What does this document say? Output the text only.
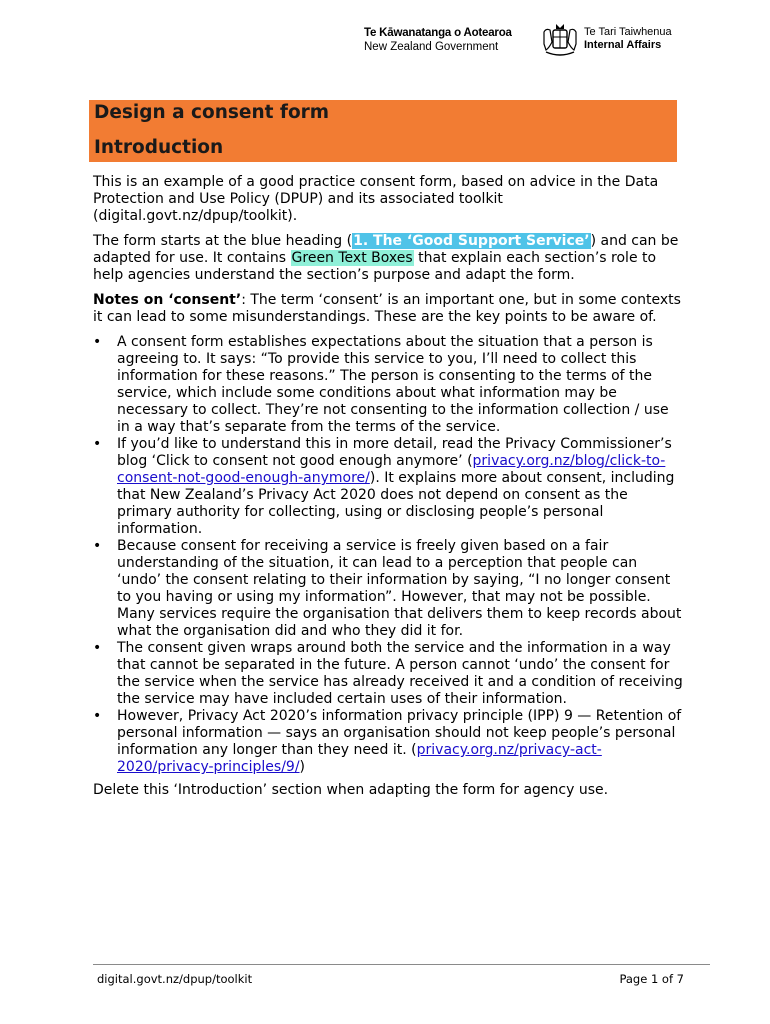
Te Kāwanatanga o Aotearoa
New Zealand Government
Te Tari Taiwhenua
Internal Affairs
Design a consent form
Introduction

This is an example of a good practice consent form, based on advice in the Data Protection and Use Policy (DPUP) and its associated toolkit (digital.govt.nz/dpup/toolkit).

The form starts at the blue heading (1. The ‘Good Support Service’) and can be adapted for use. It contains Green Text Boxes that explain each section’s role to help agencies understand the section’s purpose and adapt the form.

Notes on ‘consent’: The term ‘consent’ is an important one, but in some contexts it can lead to some misunderstandings. These are the key points to be aware of.

• A consent form establishes expectations about the situation that a person is agreeing to. It says: “To provide this service to you, I’ll need to collect this information for these reasons.” The person is consenting to the terms of the service, which include some conditions about what information may be necessary to collect. They’re not consenting to the information collection / use in a way that’s separate from the terms of the service.
• If you’d like to understand this in more detail, read the Privacy Commissioner’s blog ‘Click to consent not good enough anymore’ (privacy.org.nz/blog/click-to-consent-not-good-enough-anymore/). It explains more about consent, including that New Zealand’s Privacy Act 2020 does not depend on consent as the primary authority for collecting, using or disclosing people’s personal information.
• Because consent for receiving a service is freely given based on a fair understanding of the situation, it can lead to a perception that people can ‘undo’ the consent relating to their information by saying, “I no longer consent to you having or using my information”. However, that may not be possible. Many services require the organisation that delivers them to keep records about what the organisation did and who they did it for.
• The consent given wraps around both the service and the information in a way that cannot be separated in the future. A person cannot ‘undo’ the consent for the service when the service has already received it and a condition of receiving the service may have included certain uses of their information.
• However, Privacy Act 2020’s information privacy principle (IPP) 9 — Retention of personal information — says an organisation should not keep people’s personal information any longer than they need it. (privacy.org.nz/privacy-act-2020/privacy-principles/9/)

Delete this ‘Introduction’ section when adapting the form for agency use.

digital.govt.nz/dpup/toolkit	Page 1 of 7
